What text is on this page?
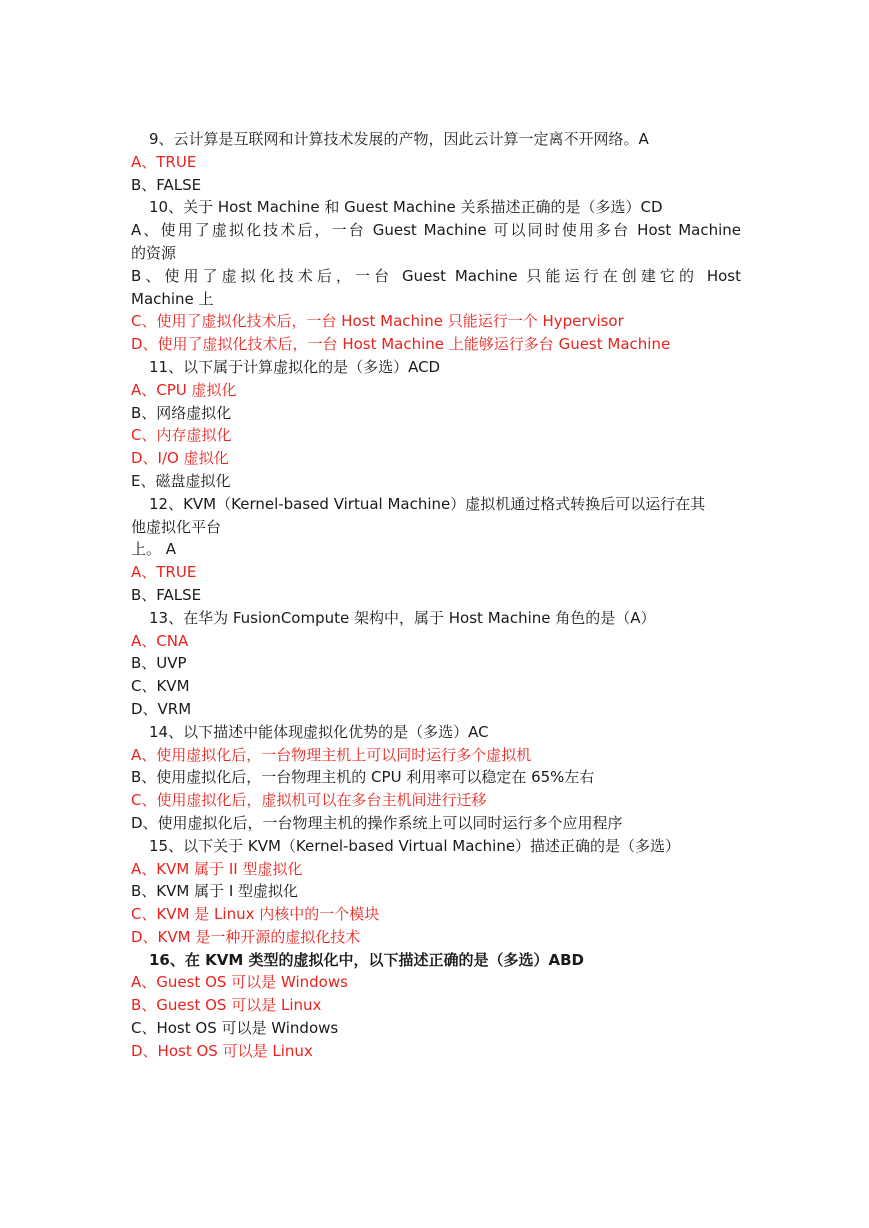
9、云计算是互联网和计算技术发展的产物，因此云计算一定离不开网络。A
A、TRUE
B、FALSE
10、关于 Host Machine 和 Guest Machine 关系描述正确的是（多选）CD
A、使用了虚拟化技术后，一台 Guest Machine 可以同时使用多台 Host Machine
的资源
B、使用了虚拟化技术后，一台 Guest Machine 只能运行在创建它的 Host
Machine 上
C、使用了虚拟化技术后，一台 Host Machine 只能运行一个 Hypervisor
D、使用了虚拟化技术后，一台 Host Machine 上能够运行多台 Guest Machine
11、以下属于计算虚拟化的是（多选）ACD
A、CPU 虚拟化
B、网络虚拟化
C、内存虚拟化
D、I/O 虚拟化
E、磁盘虚拟化
12、KVM（Kernel-based Virtual Machine）虚拟机通过格式转换后可以运行在其
他虚拟化平台
上。 A
A、TRUE
B、FALSE
13、在华为 FusionCompute 架构中，属于 Host Machine 角色的是（A）
A、CNA
B、UVP
C、KVM
D、VRM
14、以下描述中能体现虚拟化优势的是（多选）AC
A、使用虚拟化后，一台物理主机上可以同时运行多个虚拟机
B、使用虚拟化后，一台物理主机的 CPU 利用率可以稳定在 65%左右
C、使用虚拟化后，虚拟机可以在多台主机间进行迁移
D、使用虚拟化后，一台物理主机的操作系统上可以同时运行多个应用程序
15、以下关于 KVM（Kernel-based Virtual Machine）描述正确的是（多选）
A、KVM 属于 II 型虚拟化
B、KVM 属于 I 型虚拟化
C、KVM 是 Linux 内核中的一个模块
D、KVM 是一种开源的虚拟化技术
16、在 KVM 类型的虚拟化中，以下描述正确的是（多选）ABD
A、Guest OS 可以是 Windows
B、Guest OS 可以是 Linux
C、Host OS 可以是 Windows
D、Host OS 可以是 Linux
